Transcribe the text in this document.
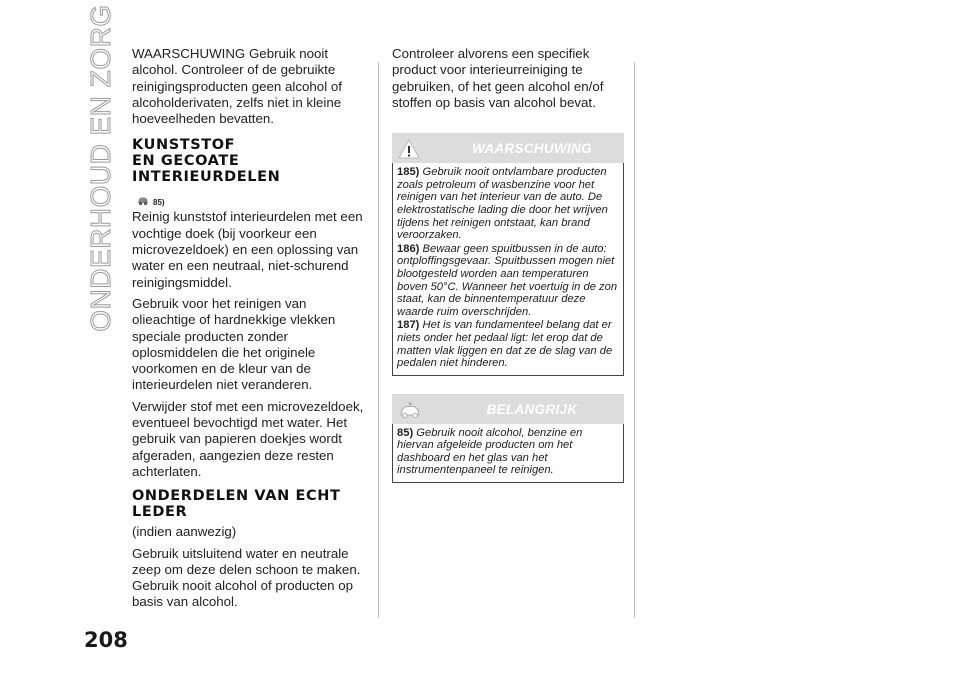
ONDERHOUD EN ZORG
208

WAARSCHUWING Gebruik nooit alcohol. Controleer of de gebruikte reinigingsproducten geen alcohol of alcoholderivaten, zelfs niet in kleine hoeveelheden bevatten.

KUNSTSTOF
EN GECOATE
INTERIEURDELEN
85)

Reinig kunststof interieurdelen met een vochtige doek (bij voorkeur een microvezeldoek) en een oplossing van water en een neutraal, niet-schurend reinigingsmiddel.

Gebruik voor het reinigen van olieachtige of hardnekkige vlekken speciale producten zonder oplosmiddelen die het originele voorkomen en de kleur van de interieurdelen niet veranderen.

Verwijder stof met een microvezeldoek, eventueel bevochtigd met water. Het gebruik van papieren doekjes wordt afgeraden, aangezien deze resten achterlaten.

ONDERDELEN VAN ECHT
LEDER

(indien aanwezig)

Gebruik uitsluitend water en neutrale zeep om deze delen schoon te maken. Gebruik nooit alcohol of producten op basis van alcohol.

Controleer alvorens een specifiek product voor interieurreiniging te gebruiken, of het geen alcohol en/of stoffen op basis van alcohol bevat.

WAARSCHUWING
185) Gebruik nooit ontvlambare producten zoals petroleum of wasbenzine voor het reinigen van het interieur van de auto. De elektrostatische lading die door het wrijven tijdens het reinigen ontstaat, kan brand veroorzaken.
186) Bewaar geen spuitbussen in de auto: ontploffingsgevaar. Spuitbussen mogen niet blootgesteld worden aan temperaturen boven 50°C. Wanneer het voertuig in de zon staat, kan de binnentemperatuur deze waarde ruim overschrijden.
187) Het is van fundamenteel belang dat er niets onder het pedaal ligt: let erop dat de matten vlak liggen en dat ze de slag van de pedalen niet hinderen.
BELANGRIJK
85) Gebruik nooit alcohol, benzine en hiervan afgeleide producten om het dashboard en het glas van het instrumentenpaneel te reinigen.
